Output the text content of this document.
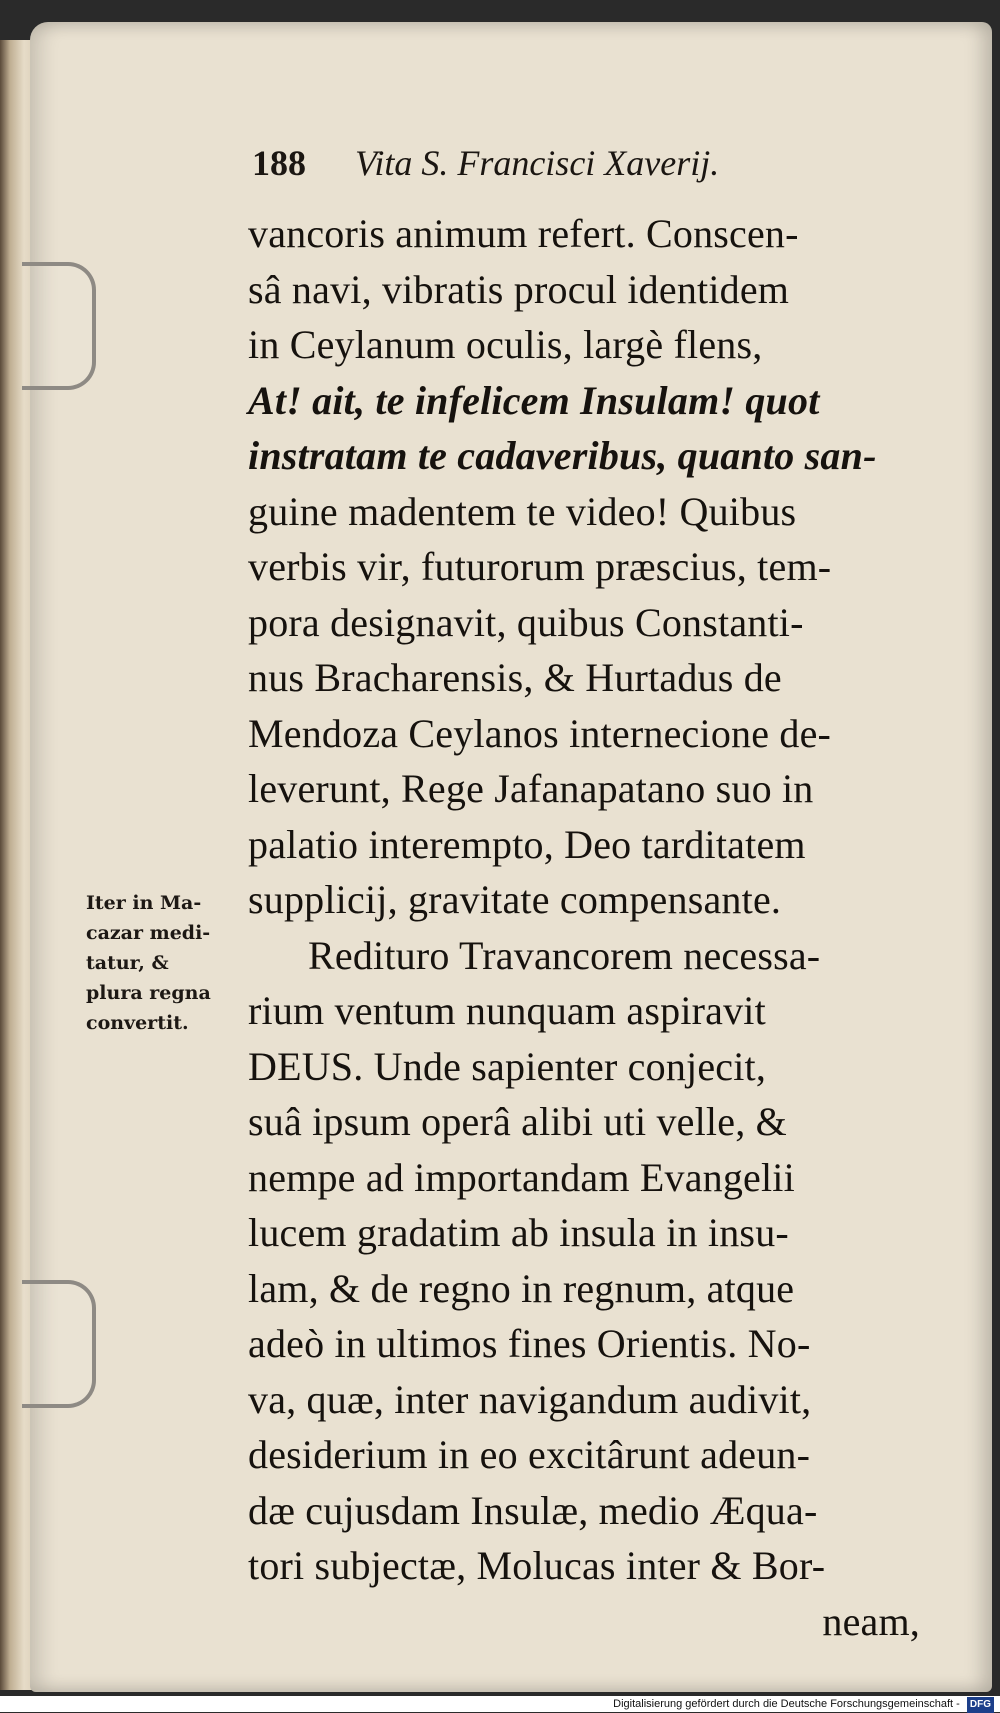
188 Vita S. Francisci Xaverij.
vancoris animum refert. Conscen-
sâ navi, vibratis procul identidem
in Ceylanum oculis, largè flens,
At! ait, te infelicem Insulam! quot
instratam te cadaveribus, quanto san-
guine madentem te video! Quibus
verbis vir, futurorum præscius, tem-
pora designavit, quibus Constanti-
nus Bracharensis, & Hurtadus de
Mendoza Ceylanos internecione de-
leverunt, Rege Jafanapatano suo in
palatio interempto, Deo tarditatem
supplicij, gravitate compensante.
Redituro Travancorem necessa-
rium ventum nunquam aspiravit
DEUS. Unde sapienter conjecit,
suâ ipsum operâ alibi uti velle, &
nempe ad importandam Evangelii
lucem gradatim ab insula in insu-
lam, & de regno in regnum, atque
adeò in ultimos fines Orientis. No-
va, quæ, inter navigandum audivit,
desiderium in eo excitârunt adeun-
dæ cujusdam Insulæ, medio Æqua-
tori subjectæ, Molucas inter & Bor-
neam,
Iter in Ma-
cazar medi-
tatur, &
plura regna
convertit.
Digitalisierung gefördert durch die Deutsche Forschungsgemeinschaft - DFG
